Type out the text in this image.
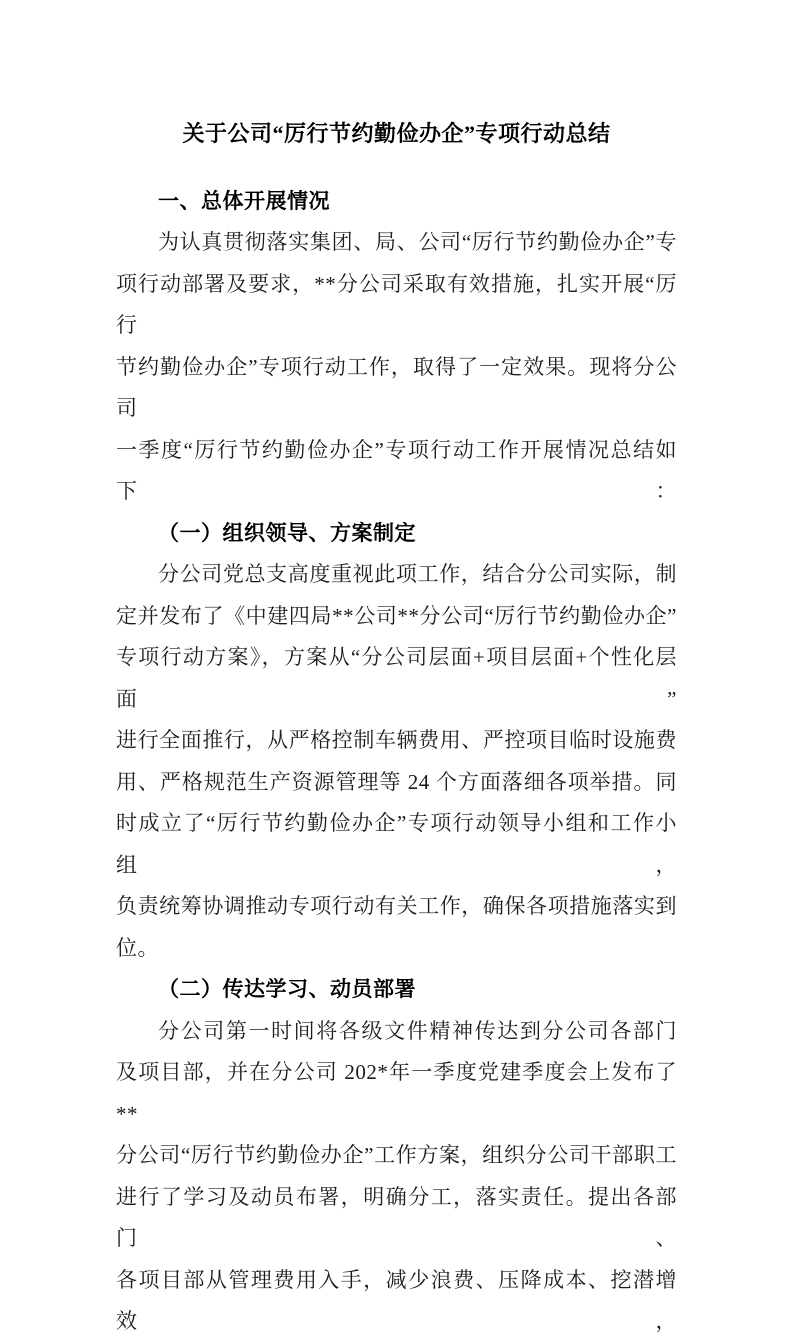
关于公司“厉行节约勤俭办企”专项行动总结
一、总体开展情况
为认真贯彻落实集团、局、公司“厉行节约勤俭办企”专
项行动部署及要求，**分公司采取有效措施，扎实开展“厉行
节约勤俭办企”专项行动工作，取得了一定效果。现将分公司
一季度“厉行节约勤俭办企”专项行动工作开展情况总结如下：
（一）组织领导、方案制定
分公司党总支高度重视此项工作，结合分公司实际，制
定并发布了《中建四局**公司**分公司“厉行节约勤俭办企”
专项行动方案》，方案从“分公司层面+项目层面+个性化层面”
进行全面推行，从严格控制车辆费用、严控项目临时设施费
用、严格规范生产资源管理等 24 个方面落细各项举措。同
时成立了“厉行节约勤俭办企”专项行动领导小组和工作小组，
负责统筹协调推动专项行动有关工作，确保各项措施落实到
位。
（二）传达学习、动员部署
分公司第一时间将各级文件精神传达到分公司各部门
及项目部，并在分公司 202*年一季度党建季度会上发布了**
分公司“厉行节约勤俭办企”工作方案，组织分公司干部职工
进行了学习及动员布署，明确分工，落实责任。提出各部门、
各项目部从管理费用入手，减少浪费、压降成本、挖潜增效，
